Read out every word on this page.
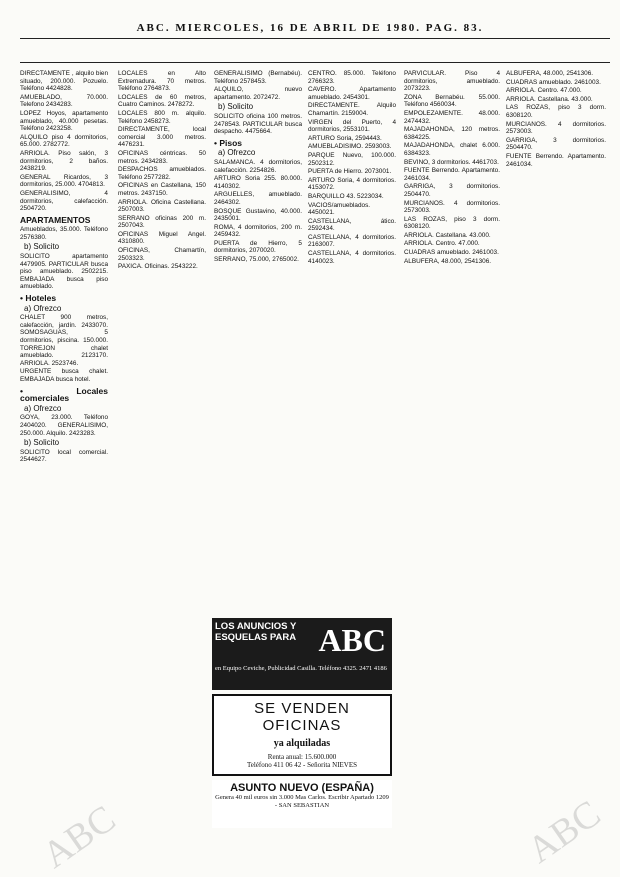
ABC. MIERCOLES, 16 DE ABRIL DE 1980. PAG. 83.

DIRECTAMENTE , alquilo bien situado, 200.000. Pozuelo. Teléfono 4424828.

AMUEBLADO, 70.000. Telefono 2434283.

LOPEZ Hoyos, apartamento amueblado, 40.000 pesetas. Teléfono 2423258.

ALQUILO piso 4 dormitorios, 65.000. 2782772.

ARRIOLA. Piso salón, 3 dormitorios, 2 baños. 2438219.

GENERAL Ricardos, 3 dormitorios, 25.000. 4704813.

GENERALISIMO, 4 dormitorios, calefacción. 2504720.

APARTAMENTOS

Amueblados, 35.000. Teléfono 2576380.

b) Solicito

SOLICITO apartamento 4479905. PARTICULAR busca piso amueblado. 2502215. EMBAJADA busca piso amueblado.

• Hoteles
a) Ofrezco

CHALET 900 metros, calefacción, jardín. 2433070. SOMOSAGUAS, 5 dormitorios, piscina. 150.000. TORREJON chalet amueblado. 2123170. ARRIOLA. 2523746.

URGENTE busca chalet. EMBAJADA busca hotel.

• Locales comerciales
a) Ofrezco

GOYA, 23.000. Teléfono 2404020. GENERALISIMO, 250.000. Alquilo. 2423283.

b) Solicito

SOLICITO local comercial. 2544627.

LOCALES en Alto Extremadura. 70 metros. Teléfono 2764873.

LOCALES de 60 metros, Cuatro Caminos. 2478272.

LOCALES 800 m. alquilo. Teléfono 2458273.

DIRECTAMENTE, local comercial 3.000 metros. 4476231.

OFICINAS céntricas. 50 metros. 2434283.

DESPACHOS amueblados. Teléfono 2577282.

OFICINAS en Castellana, 150 metros. 2437150.

ARRIOLA. Oficina Castellana. 2507003.

SERRANO oficinas 200 m. 2507043.

OFICINAS Miguel Angel. 4310800.

OFICINAS, Chamartín, 2503323.

PAXICA. Oficinas. 2543222.

GENERALISIMO (Bernabéu). Teléfono 2578453.

ALQUILO, nuevo apartamento. 2072472.

b) Solicito

SOLICITO oficina 100 metros. 2478543. PARTICULAR busca despacho. 4475664.

• Pisos
a) Ofrezco

SALAMANCA. 4 dormitorios, calefacción. 2254826.

ARTURO Soria 255. 80.000. 4140302.

ARGUELLES, amueblado. 2464302.

BOSQUE Gustavino, 40.000. 2435001.

ROMA, 4 dormitorios, 200 m. 2459432.

PUERTA de Hierro, 5 dormitorios, 2070020.

SERRANO, 75.000, 2765002.

CENTRO. 85.000. Teléfono 2766323.

CAVERO. Apartamento amueblado. 2454301.

DIRECTAMENTE. Alquilo Chamartín. 2159004.

VIRGEN del Puerto, 4 dormitorios, 2553101.

ARTURO Soria, 2594443.

AMUEBLADISIMO. 2593003.

PARQUE Nuevo, 100.000. 2502312.

PUERTA de Hierro. 2073001.

ARTURO Soria, 4 dormitorios. 4153072.

BARQUILLO 43. 5223034.

VACIOS/amueblados. 4450021.

CASTELLANA, ático. 2592434.

CASTELLANA, 4 dormitorios. 2163007.

CASTELLANA, 4 dormitorios. 4140023.

PARVICULAR. Piso 4 dormitorios, amueblado. 2073223.

ZONA Bernabéu. 55.000. Teléfono 4560034.

EMPOLEZAMENTE. 48.000. 2474432.

MAJADAHONDA, 120 metros. 6384225.

MAJADAHONDA, chalet 6.000. 6384323.

BEVINO, 3 dormitorios. 4461703.

FUENTE Berrendo. Apartamento. 2461034.

GARRIGA, 3 dormitorios. 2504470.

MURCIANOS. 4 dormitorios. 2573003.

LAS ROZAS, piso 3 dorm. 6308120.

ARRIOLA. Castellana. 43.000.

ARRIOLA. Centro. 47.000.

CUADRAS amueblado. 2461003.

ALBUFERA, 48.000, 2541306.

ALBUFERA, 48.000, 2541306.

CUADRAS amueblado. 2461003.

ARRIOLA. Centro. 47.000.

ARRIOLA. Castellana. 43.000.

LAS ROZAS, piso 3 dorm. 6308120.

MURCIANOS. 4 dormitorios. 2573003.

GARRIGA, 3 dormitorios. 2504470.

FUENTE Berrendo. Apartamento. 2461034.

LOS ANUNCIOS Y ESQUELAS PARA ABC
en Equipo Ceviche, Publicidad Casilla. Teléfono 4325. 2471 4186
SE VENDEN OFICINAS
ya alquiladas
Renta anual: 15.600.000
Teléfono 411 06 42 - Señorita NIEVES
ASUNTO NUEVO (ESPAÑA)
Genera 40 mil euros sin 3.000 Mas Carlos. Escribir Apartado 1209 - SAN SEBASTIAN
ABC	ABC
